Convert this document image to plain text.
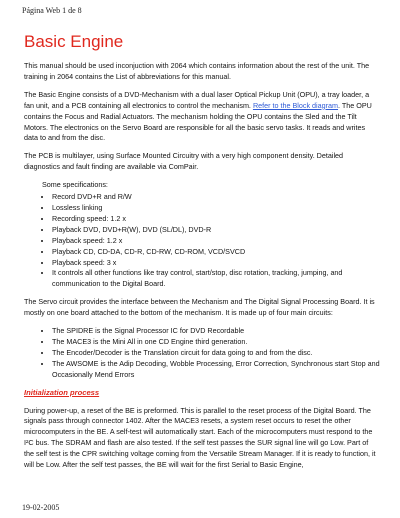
Página Web 1 de 8
Basic Engine

This manual should be used inconjuction with 2064 which contains information about the rest of the unit. The training in 2064 contains the List of abbreviations for this manual.

The Basic Engine consists of a DVD-Mechanism with a dual laser Optical Pickup Unit (OPU), a tray loader, a fan unit, and a PCB containing all electronics to control the mechanism. Refer to the Block diagram. The OPU contains the Focus and Radial Actuators. The mechanism holding the OPU contains the Sled and the Tilt Motors. The electronics on the Servo Board are responsible for all the basic servo tasks. It reads and writes data to and from the disc.

The PCB is multilayer, using Surface Mounted Circuitry with a very high component density. Detailed diagnostics and fault finding are available via ComPair.

Some specifications:
• Record DVD+R and R/W
• Lossless linking
• Recording speed: 1.2 x
• Playback DVD, DVD+R(W), DVD (SL/DL), DVD-R
• Playback speed: 1.2 x
• Playback CD, CD-DA, CD-R, CD-RW, CD-ROM, VCD/SVCD
• Playback speed: 3 x
• It controls all other functions like tray control, start/stop, disc rotation, tracking, jumping, and communication to the Digital Board.

The Servo circuit provides the interface between the Mechanism and The Digital Signal Processing Board. It is mostly on one board attached to the bottom of the mechanism. It is made up of four main circuits:

• The SPIDRE is the Signal Processor IC for DVD Recordable
• The MACE3 is the Mini All in one CD Engine third generation.
• The Encoder/Decoder is the Translation circuit for data going to and from the disc.
• The AWSOME is the Adip Decoding, Wobble Processing, Error Correction, Synchronous start Stop and Occasionally Mend Errors
Initialization process

During power-up, a reset of the BE is preformed. This is parallel to the reset process of the Digital Board. The signals pass through connector 1402. After the MACE3 resets, a system reset occurs to reset the other microcomputers in the BE. A self-test will automatically start. Each of the microcomputers must respond to the I²C bus. The SDRAM and flash are also tested. If the self test passes the SUR signal line will go Low. Part of the self test is the CPR switching voltage coming from the Versatile Stream Manager. If it is ready to function, it will be Low. After the self test passes, the BE will wait for the first Serial to Basic Engine,

19-02-2005
